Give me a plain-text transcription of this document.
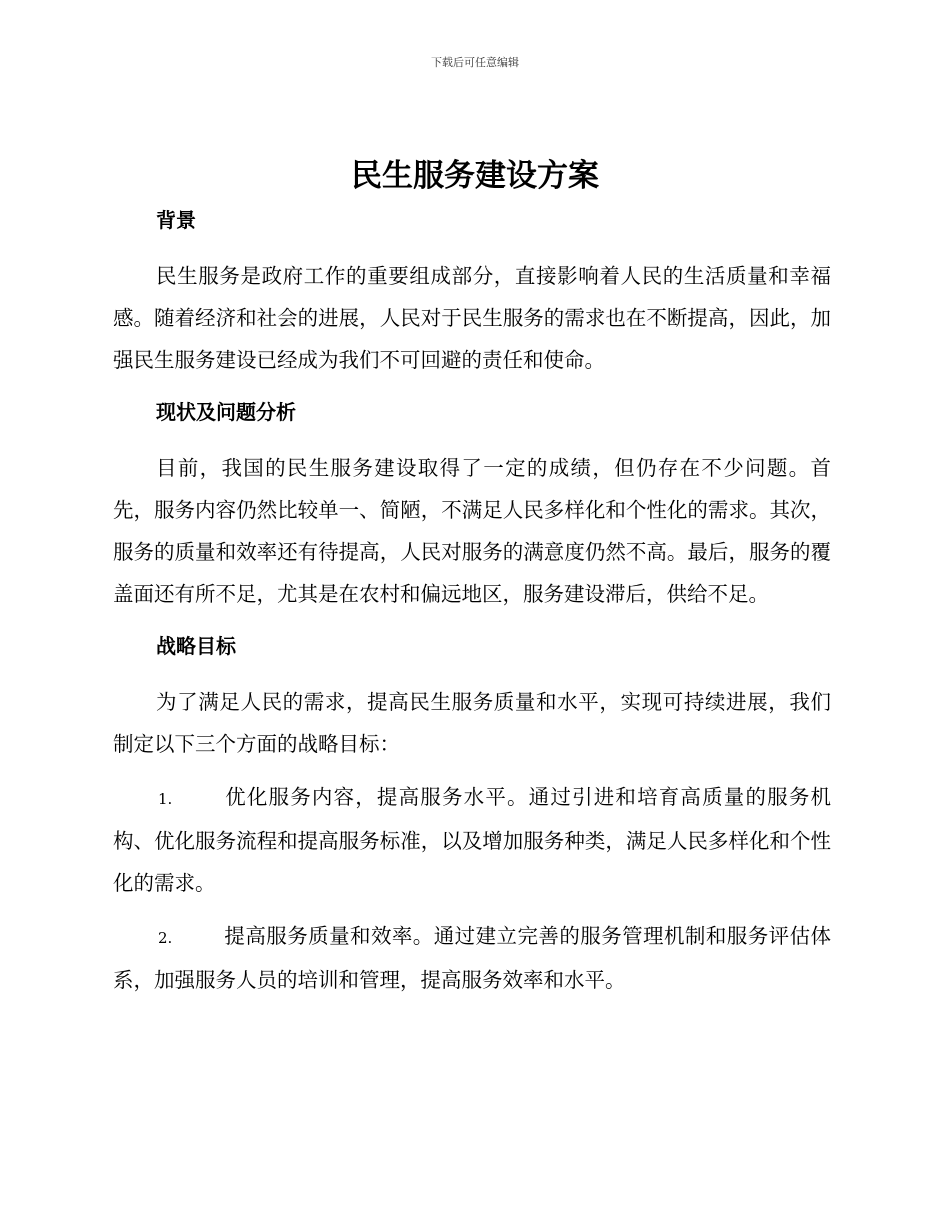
下载后可任意编辑
民生服务建设方案
背景

民生服务是政府工作的重要组成部分，直接影响着人民的生活质量和幸福感。随着经济和社会的进展，人民对于民生服务的需求也在不断提高，因此，加强民生服务建设已经成为我们不可回避的责任和使命。

现状及问题分析

目前，我国的民生服务建设取得了一定的成绩，但仍存在不少问题。首先，服务内容仍然比较单一、简陋，不满足人民多样化和个性化的需求。其次，服务的质量和效率还有待提高，人民对服务的满意度仍然不高。最后，服务的覆盖面还有所不足，尤其是在农村和偏远地区，服务建设滞后，供给不足。

战略目标

为了满足人民的需求，提高民生服务质量和水平，实现可持续进展，我们制定以下三个方面的战略目标：

1.	优化服务内容，提高服务水平。通过引进和培育高质量的服务机构、优化服务流程和提高服务标准，以及增加服务种类，满足人民多样化和个性化的需求。

2.	提高服务质量和效率。通过建立完善的服务管理机制和服务评估体系，加强服务人员的培训和管理，提高服务效率和水平。
